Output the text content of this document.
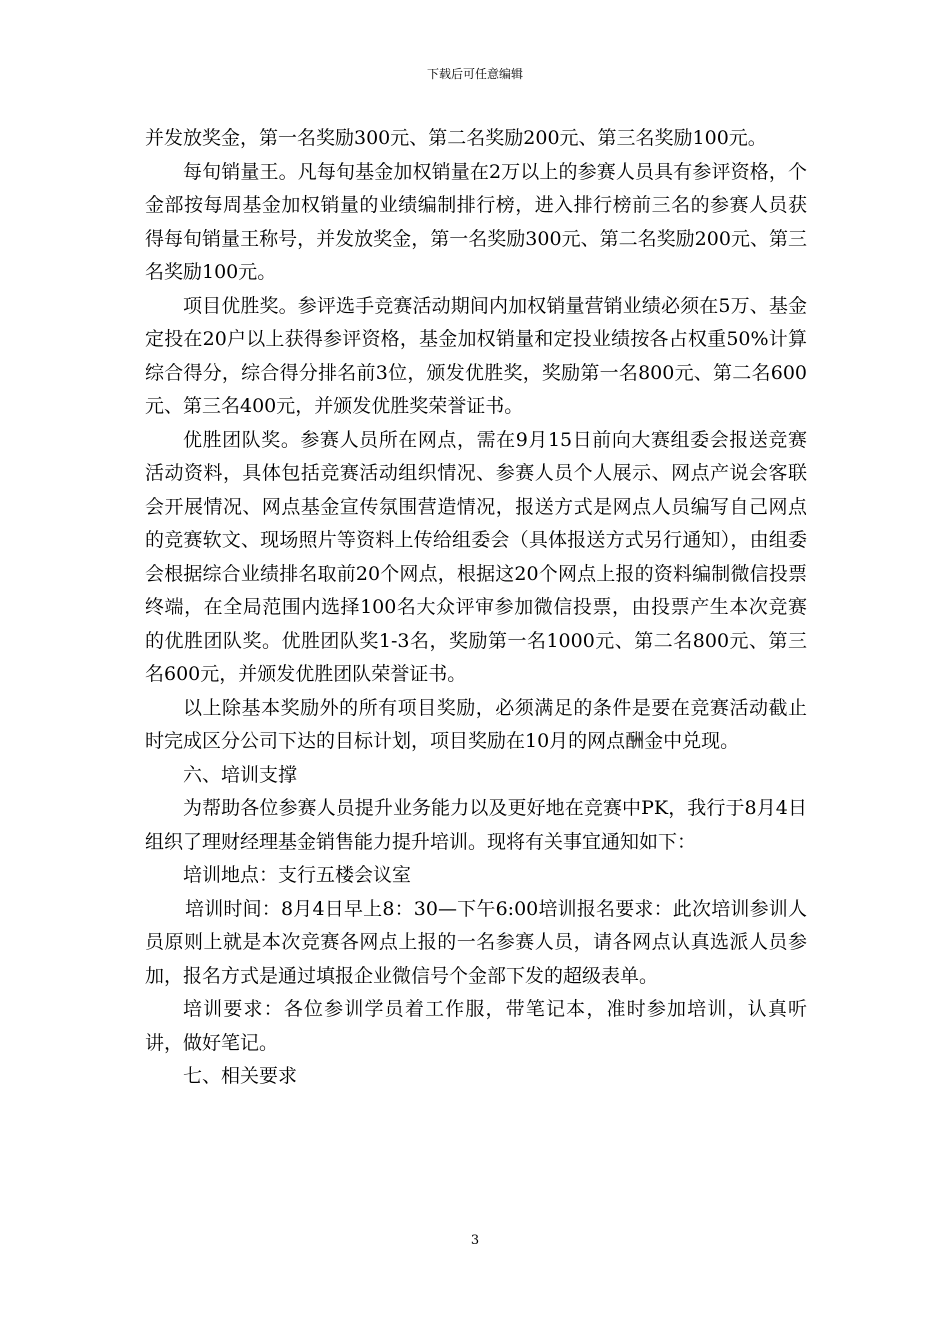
下载后可任意编辑

并发放奖金，第一名奖励300元、第二名奖励200元、第三名奖励100元。

每旬销量王。凡每旬基金加权销量在2万以上的参赛人员具有参评资格，个金部按每周基金加权销量的业绩编制排行榜，进入排行榜前三名的参赛人员获得每旬销量王称号，并发放奖金，第一名奖励300元、第二名奖励200元、第三名奖励100元。

项目优胜奖。参评选手竞赛活动期间内加权销量营销业绩必须在5万、基金定投在20户以上获得参评资格，基金加权销量和定投业绩按各占权重50%计算综合得分，综合得分排名前3位，颁发优胜奖，奖励第一名800元、第二名600元、第三名400元，并颁发优胜奖荣誉证书。

优胜团队奖。参赛人员所在网点，需在9月15日前向大赛组委会报送竞赛活动资料，具体包括竞赛活动组织情况、参赛人员个人展示、网点产说会客联会开展情况、网点基金宣传氛围营造情况，报送方式是网点人员编写自己网点的竞赛软文、现场照片等资料上传给组委会（具体报送方式另行通知），由组委会根据综合业绩排名取前20个网点，根据这20个网点上报的资料编制微信投票终端，在全局范围内选择100名大众评审参加微信投票，由投票产生本次竞赛的优胜团队奖。优胜团队奖1-3名，奖励第一名1000元、第二名800元、第三名600元，并颁发优胜团队荣誉证书。

以上除基本奖励外的所有项目奖励，必须满足的条件是要在竞赛活动截止时完成区分公司下达的目标计划，项目奖励在10月的网点酬金中兑现。

六、培训支撑

为帮助各位参赛人员提升业务能力以及更好地在竞赛中PK，我行于8月4日组织了理财经理基金销售能力提升培训。现将有关事宜通知如下：

培训地点：支行五楼会议室

培训时间：8月4日早上8：30—下午6:00培训报名要求：此次培训参训人员原则上就是本次竞赛各网点上报的一名参赛人员，请各网点认真选派人员参加，报名方式是通过填报企业微信号个金部下发的超级表单。

培训要求：各位参训学员着工作服，带笔记本，准时参加培训，认真听讲，做好笔记。

七、相关要求

3
